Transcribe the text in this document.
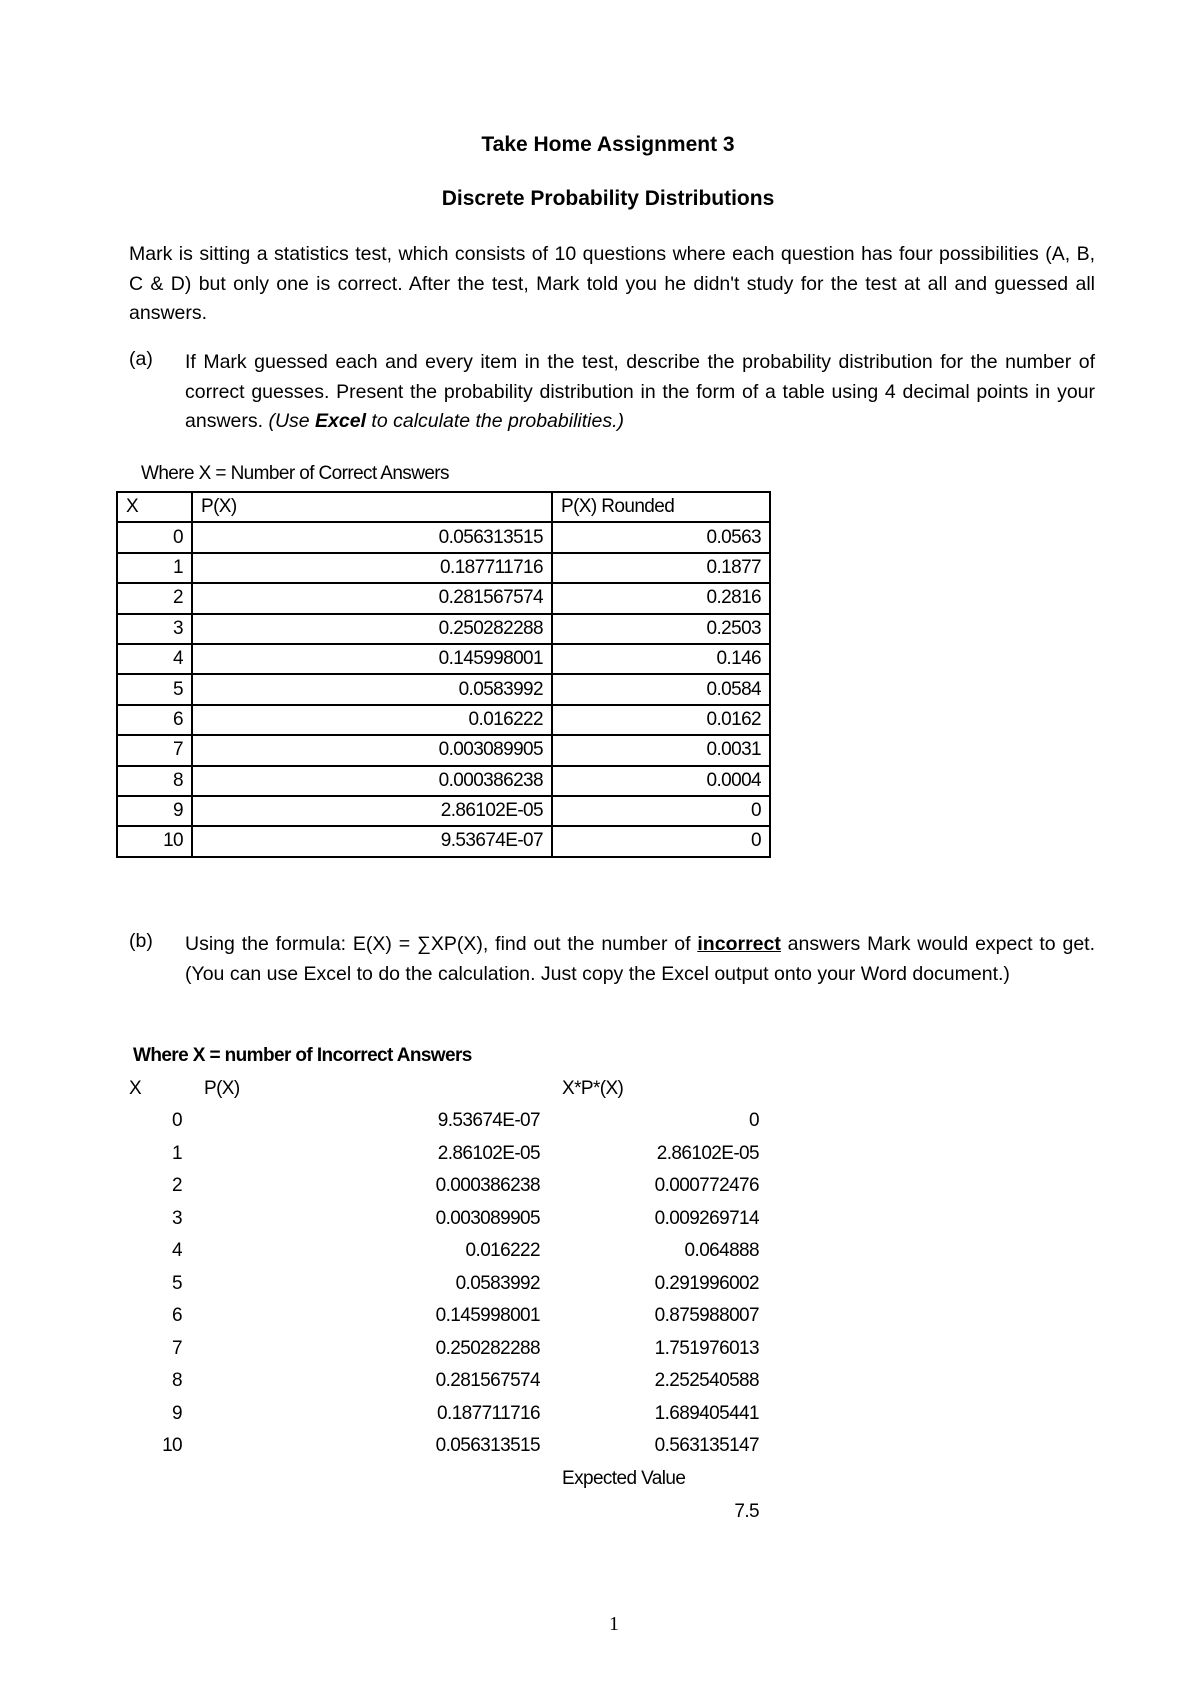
Take Home Assignment 3
Discrete Probability Distributions
Mark is sitting a statistics test, which consists of 10 questions where each question has four possibilities (A, B, C & D) but only one is correct. After the test, Mark told you he didn't study for the test at all and guessed all answers.
(a) If Mark guessed each and every item in the test, describe the probability distribution for the number of correct guesses. Present the probability distribution in the form of a table using 4 decimal points in your answers. (Use Excel to calculate the probabilities.)
Where X = Number of Correct Answers
X	P(X)	P(X) Rounded
0	0.056313515	0.0563
1	0.187711716	0.1877
2	0.281567574	0.2816
3	0.250282288	0.2503
4	0.145998001	0.146
5	0.0583992	0.0584
6	0.016222	0.0162
7	0.003089905	0.0031
8	0.000386238	0.0004
9	2.86102E-05	0
10	9.53674E-07	0
(b) Using the formula: E(X) = ∑XP(X), find out the number of incorrect answers Mark would expect to get. (You can use Excel to do the calculation. Just copy the Excel output onto your Word document.)
Where X = number of Incorrect Answers
X	P(X)	X*P*(X)
0	9.53674E-07	0
1	2.86102E-05	2.86102E-05
2	0.000386238	0.000772476
3	0.003089905	0.009269714
4	0.016222	0.064888
5	0.0583992	0.291996002
6	0.145998001	0.875988007
7	0.250282288	1.751976013
8	0.281567574	2.252540588
9	0.187711716	1.689405441
10	0.056313515	0.563135147
Expected Value
7.5
1
